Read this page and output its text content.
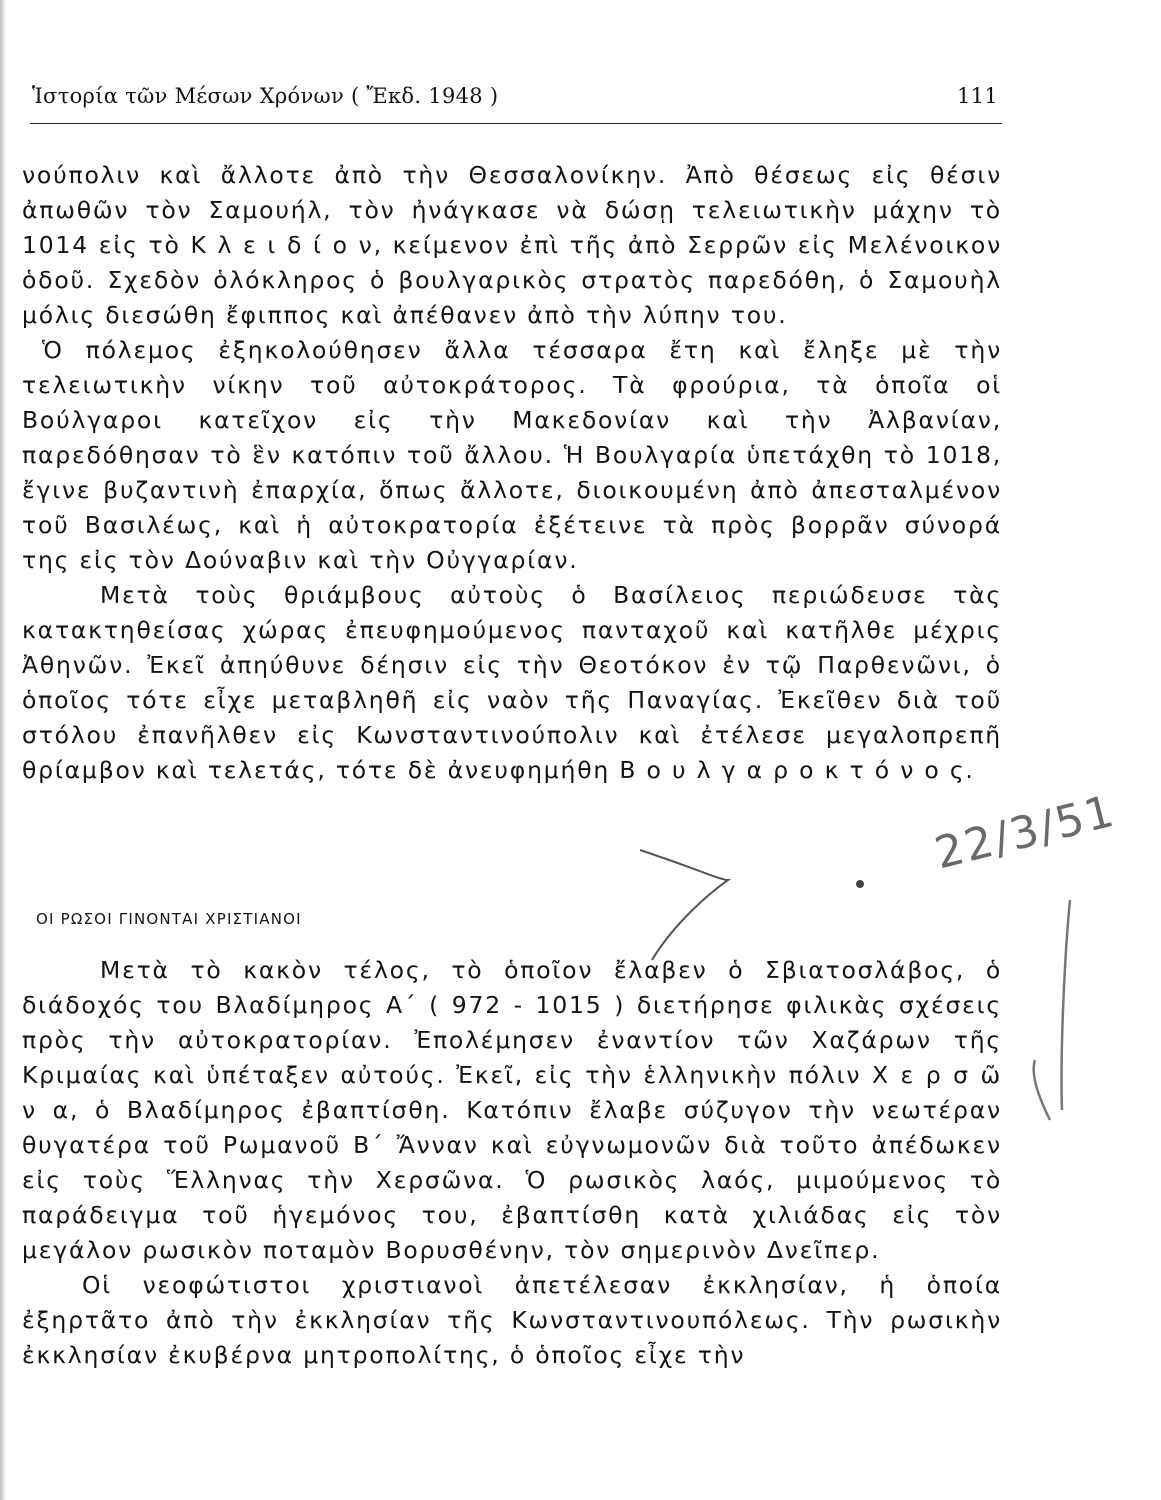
Ἱστορία τῶν Μέσων Χρόνων ( Ἔκδ. 1948 )	111

νούπολιν καὶ ἄλλοτε ἀπὸ τὴν Θεσσαλονίκην. Ἀπὸ θέσεως εἰς θέσιν ἀπωθῶν τὸν Σαμουήλ, τὸν ἠνάγκασε νὰ δώσῃ τελειωτικὴν μάχην τὸ 1014 εἰς τὸ Κ λ ε ι δ ί ο ν, κείμενον ἐπὶ τῆς ἀπὸ Σερρῶν εἰς Μελένοικον ὁδοῦ. Σχεδὸν ὁλόκληρος ὁ βουλγαρικὸς στρατὸς παρεδόθη, ὁ Σαμουὴλ μόλις διεσώθη ἔφιππος καὶ ἀπέθανεν ἀπὸ τὴν λύπην του.

Ὁ πόλεμος ἐξηκολούθησεν ἄλλα τέσσαρα ἔτη καὶ ἔληξε μὲ τὴν τελειωτικὴν νίκην τοῦ αὐτοκράτορος. Τὰ φρούρια, τὰ ὁποῖα οἱ Βούλγαροι κατεῖχον εἰς τὴν Μακεδονίαν καὶ τὴν Ἀλβανίαν, παρεδόθησαν τὸ ἓν κατόπιν τοῦ ἄλλου. Ἡ Βουλγαρία ὑπετάχθη τὸ 1018, ἔγινε βυζαντινὴ ἐπαρχία, ὅπως ἄλλοτε, διοικουμένη ἀπὸ ἀπεσταλμένον τοῦ Βασιλέως, καὶ ἡ αὐτοκρατορία ἐξέτεινε τὰ πρὸς βορρᾶν σύνορά της εἰς τὸν Δούναβιν καὶ τὴν Οὐγγαρίαν.

Μετὰ τοὺς θριάμβους αὐτοὺς ὁ Βασίλειος περιώδευσε τὰς κατακτηθείσας χώρας ἐπευφημούμενος πανταχοῦ καὶ κατῆλθε μέχρις Ἀθηνῶν. Ἐκεῖ ἀπηύθυνε δέησιν εἰς τὴν Θεοτόκον ἐν τῷ Παρθενῶνι, ὁ ὁποῖος τότε εἶχε μεταβληθῆ εἰς ναὸν τῆς Παναγίας. Ἐκεῖθεν διὰ τοῦ στόλου ἐπανῆλθεν εἰς Κωνσταντινούπολιν καὶ ἐτέλεσε μεγαλοπρεπῆ θρίαμβον καὶ τελετάς, τότε δὲ ἀνευφημήθη Β ο υ λ γ α ρ ο κ τ ό ν ο ς.

ΟΙ ΡΩΣΟΙ ΓΙΝΟΝΤΑΙ ΧΡΙΣΤΙΑΝΟΙ

Μετὰ τὸ κακὸν τέλος, τὸ ὁποῖον ἔλαβεν ὁ Σβιατοσλάβος, ὁ διάδοχός του Βλαδίμηρος Α΄ ( 972 - 1015 ) διετήρησε φιλικὰς σχέσεις πρὸς τὴν αὐτοκρατορίαν. Ἐπολέμησεν ἐναντίον τῶν Χαζάρων τῆς Κριμαίας καὶ ὑπέταξεν αὐτούς. Ἐκεῖ, εἰς τὴν ἑλληνικὴν πόλιν Χ ε ρ σ ῶ ν α, ὁ Βλαδίμηρος ἐβαπτίσθη. Κατόπιν ἔλαβε σύζυγον τὴν νεωτέραν θυγατέρα τοῦ Ρωμανοῦ Β΄ Ἄνναν καὶ εὐγνωμονῶν διὰ τοῦτο ἀπέδωκεν εἰς τοὺς Ἕλληνας τὴν Χερσῶνα. Ὁ ρωσικὸς λαός, μιμούμενος τὸ παράδειγμα τοῦ ἡγεμόνος του, ἐβαπτίσθη κατὰ χιλιάδας εἰς τὸν μεγάλον ρωσικὸν ποταμὸν Βορυσθένην, τὸν σημερινὸν Δνεῖπερ.

Οἱ νεοφώτιστοι χριστιανοὶ ἀπετέλεσαν ἐκκλησίαν, ἡ ὁποία ἐξηρτᾶτο ἀπὸ τὴν ἐκκλησίαν τῆς Κωνσταντινουπόλεως. Τὴν ρωσικὴν ἐκκλησίαν ἐκυβέρνα μητροπολίτης, ὁ ὁποῖος εἶχε τὴν

22/3/51
